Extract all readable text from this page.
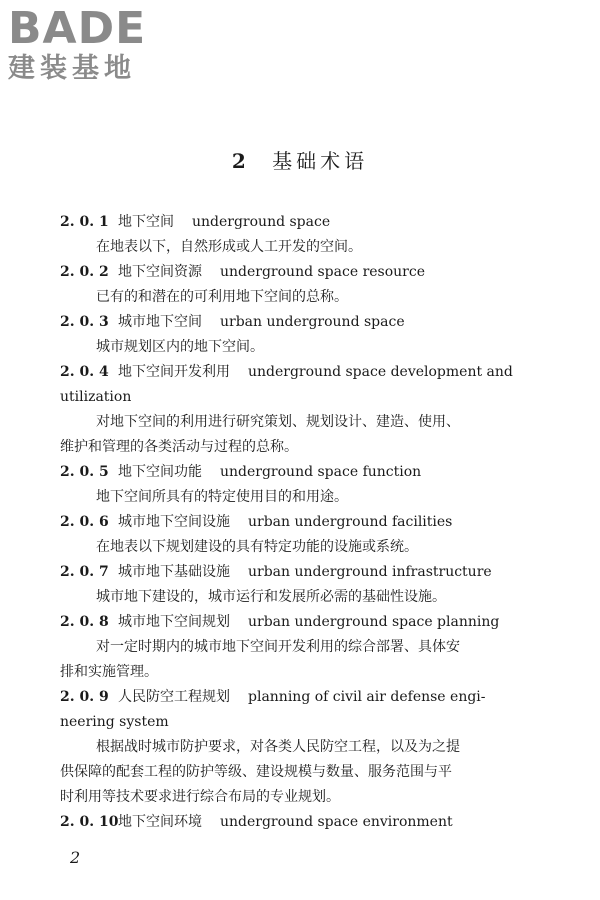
BADE
建装基地
2 基础术语
2. 0. 1 地下空间 underground space
在地表以下，自然形成或人工开发的空间。
2. 0. 2 地下空间资源 underground space resource
已有的和潜在的可利用地下空间的总称。
2. 0. 3 城市地下空间 urban underground space
城市规划区内的地下空间。
2. 0. 4 地下空间开发利用 underground space development and
utilization
对地下空间的利用进行研究策划、规划设计、建造、使用、
维护和管理的各类活动与过程的总称。
2. 0. 5 地下空间功能 underground space function
地下空间所具有的特定使用目的和用途。
2. 0. 6 城市地下空间设施 urban underground facilities
在地表以下规划建设的具有特定功能的设施或系统。
2. 0. 7 城市地下基础设施 urban underground infrastructure
城市地下建设的，城市运行和发展所必需的基础性设施。
2. 0. 8 城市地下空间规划 urban underground space planning
对一定时期内的城市地下空间开发利用的综合部署、具体安
排和实施管理。
2. 0. 9 人民防空工程规划 planning of civil air defense engi-
neering system
根据战时城市防护要求，对各类人民防空工程，以及为之提
供保障的配套工程的防护等级、建设规模与数量、服务范围与平
时利用等技术要求进行综合布局的专业规划。
2. 0. 10地下空间环境 underground space environment
2
